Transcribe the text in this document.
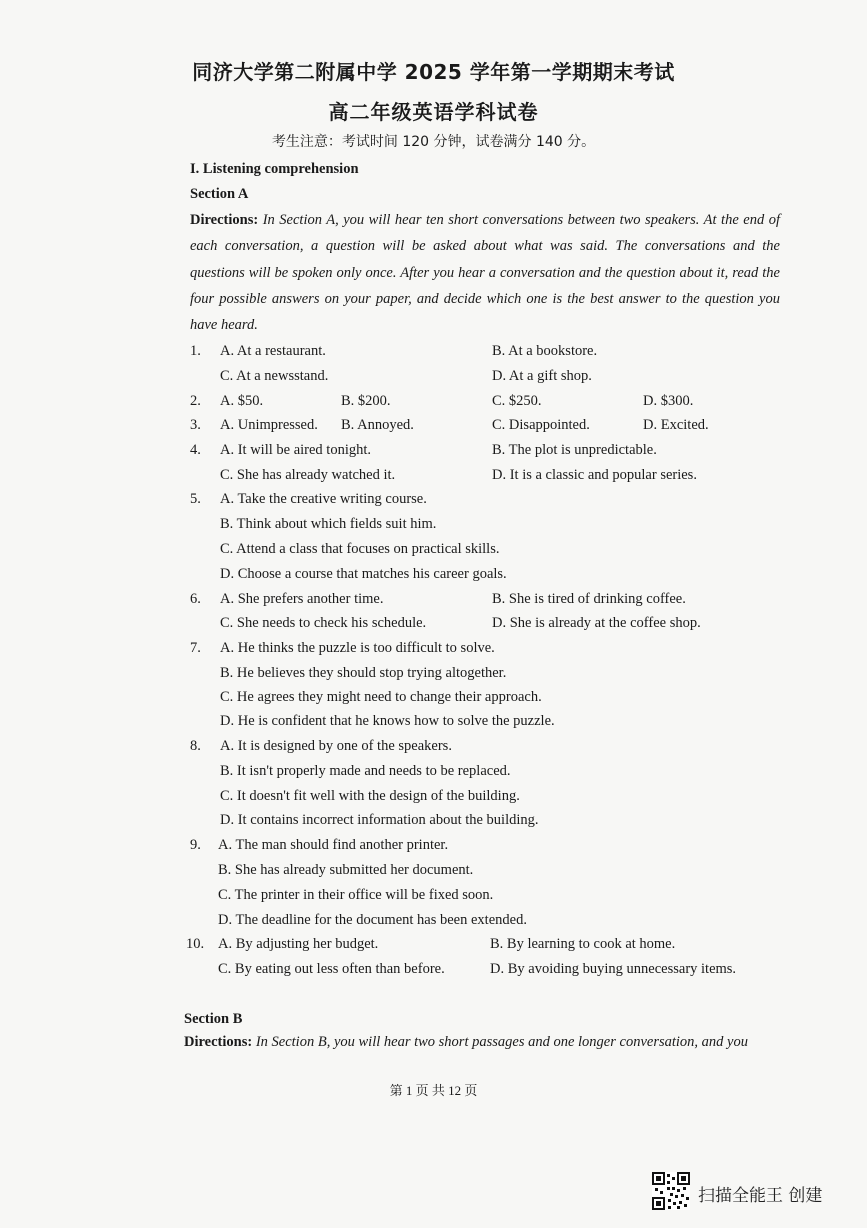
同济大学第二附属中学 2025 学年第一学期期末考试
高二年级英语学科试卷
考生注意：考试时间 120 分钟，试卷满分 140 分。
I. Listening comprehension
Section A
Directions: In Section A, you will hear ten short conversations between two speakers. At the end of each conversation, a question will be asked about what was said. The conversations and the questions will be spoken only once. After you hear a conversation and the question about it, read the four possible answers on your paper, and decide which one is the best answer to the question you have heard.
1. A. At a restaurant.	B. At a bookstore.
C. At a newsstand.	D. At a gift shop.
2. A. $50.	B. $200.	C. $250.	D. $300.
3. A. Unimpressed. B. Annoyed.	C. Disappointed.	D. Excited.
4. A. It will be aired tonight.	B. The plot is unpredictable.
C. She has already watched it.	D. It is a classic and popular series.
5. A. Take the creative writing course.
B. Think about which fields suit him.
C. Attend a class that focuses on practical skills.
D. Choose a course that matches his career goals.
6. A. She prefers another time.	B. She is tired of drinking coffee.
C. She needs to check his schedule.	D. She is already at the coffee shop.
7. A. He thinks the puzzle is too difficult to solve.
B. He believes they should stop trying altogether.
C. He agrees they might need to change their approach.
D. He is confident that he knows how to solve the puzzle.
8. A. It is designed by one of the speakers.
B. It isn't properly made and needs to be replaced.
C. It doesn't fit well with the design of the building.
D. It contains incorrect information about the building.
9. A. The man should find another printer.
B. She has already submitted her document.
C. The printer in their office will be fixed soon.
D. The deadline for the document has been extended.
10. A. By adjusting her budget.	B. By learning to cook at home.
C. By eating out less often than before.	D. By avoiding buying unnecessary items.
Section B
Directions: In Section B, you will hear two short passages and one longer conversation, and you
第 1 页 共 12 页
扫描全能王 创建
